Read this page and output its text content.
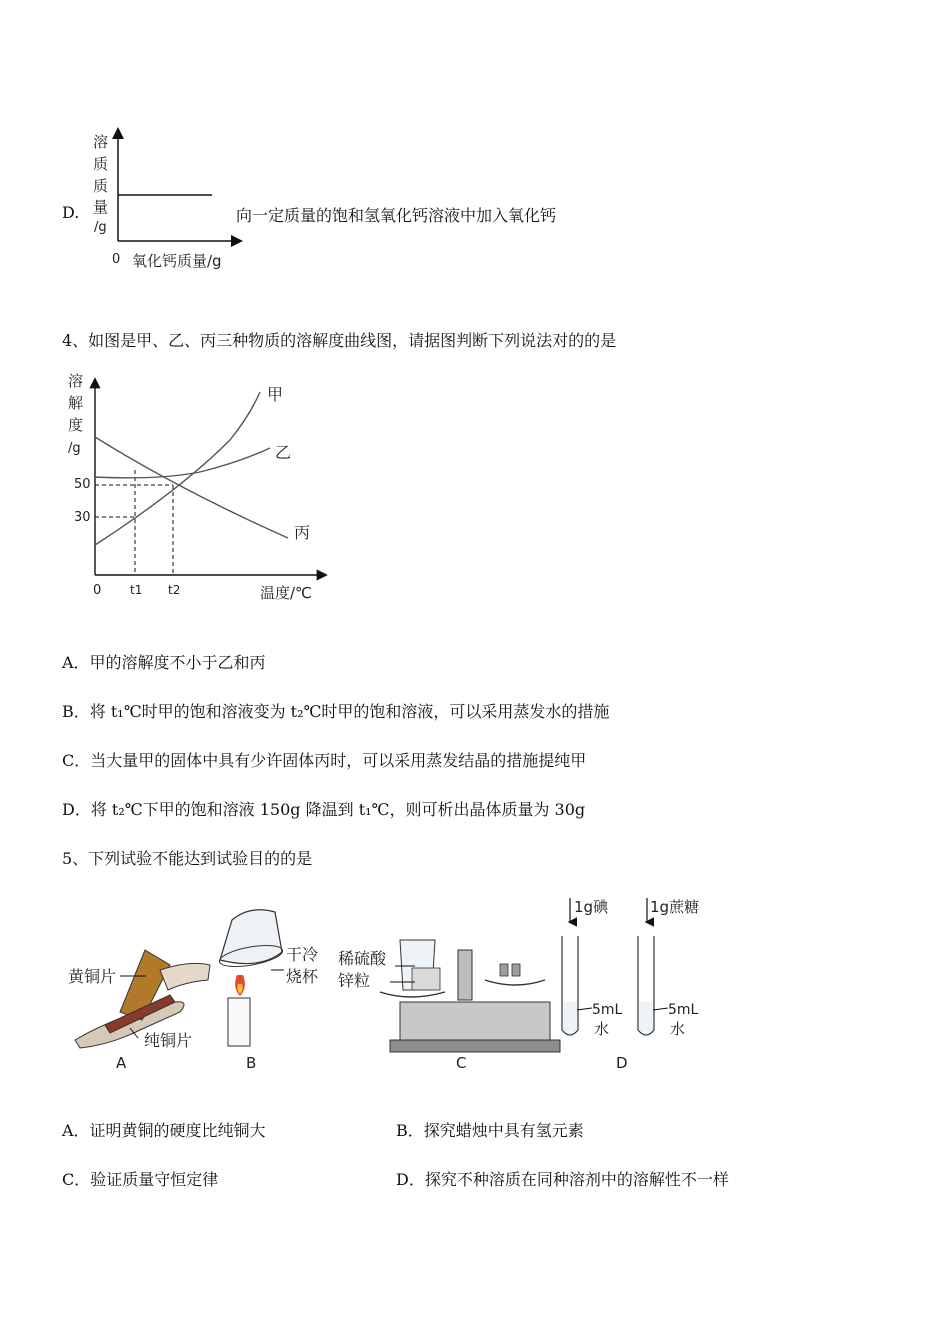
D.
溶
质
质
量
/g
0 氧化钙质量/g
向一定质量的饱和氢氧化钙溶液中加入氧化钙
4、如图是甲、乙、丙三种物质的溶解度曲线图，请据图判断下列说法对的的是
溶
解
度
/g
50
30
0 t1 t2	温度/℃
甲
乙
丙
A．甲的溶解度不小于乙和丙
B．将 t₁℃时甲的饱和溶液变为 t₂℃时甲的饱和溶液，可以采用蒸发水的措施
C．当大量甲的固体中具有少许固体丙时，可以采用蒸发结晶的措施提纯甲
D．将 t₂℃下甲的饱和溶液 150g 降温到 t₁℃，则可析出晶体质量为 30g
5、下列试验不能达到试验目的的是
黄铜片
纯铜片
A
干冷
烧杯
B
稀硫酸
锌粒
C
1g碘
5mL
水
1g蔗糖
5mL
水
D
A．证明黄铜的硬度比纯铜大	B．探究蜡烛中具有氢元素
C．验证质量守恒定律	D．探究不种溶质在同种溶剂中的溶解性不一样
